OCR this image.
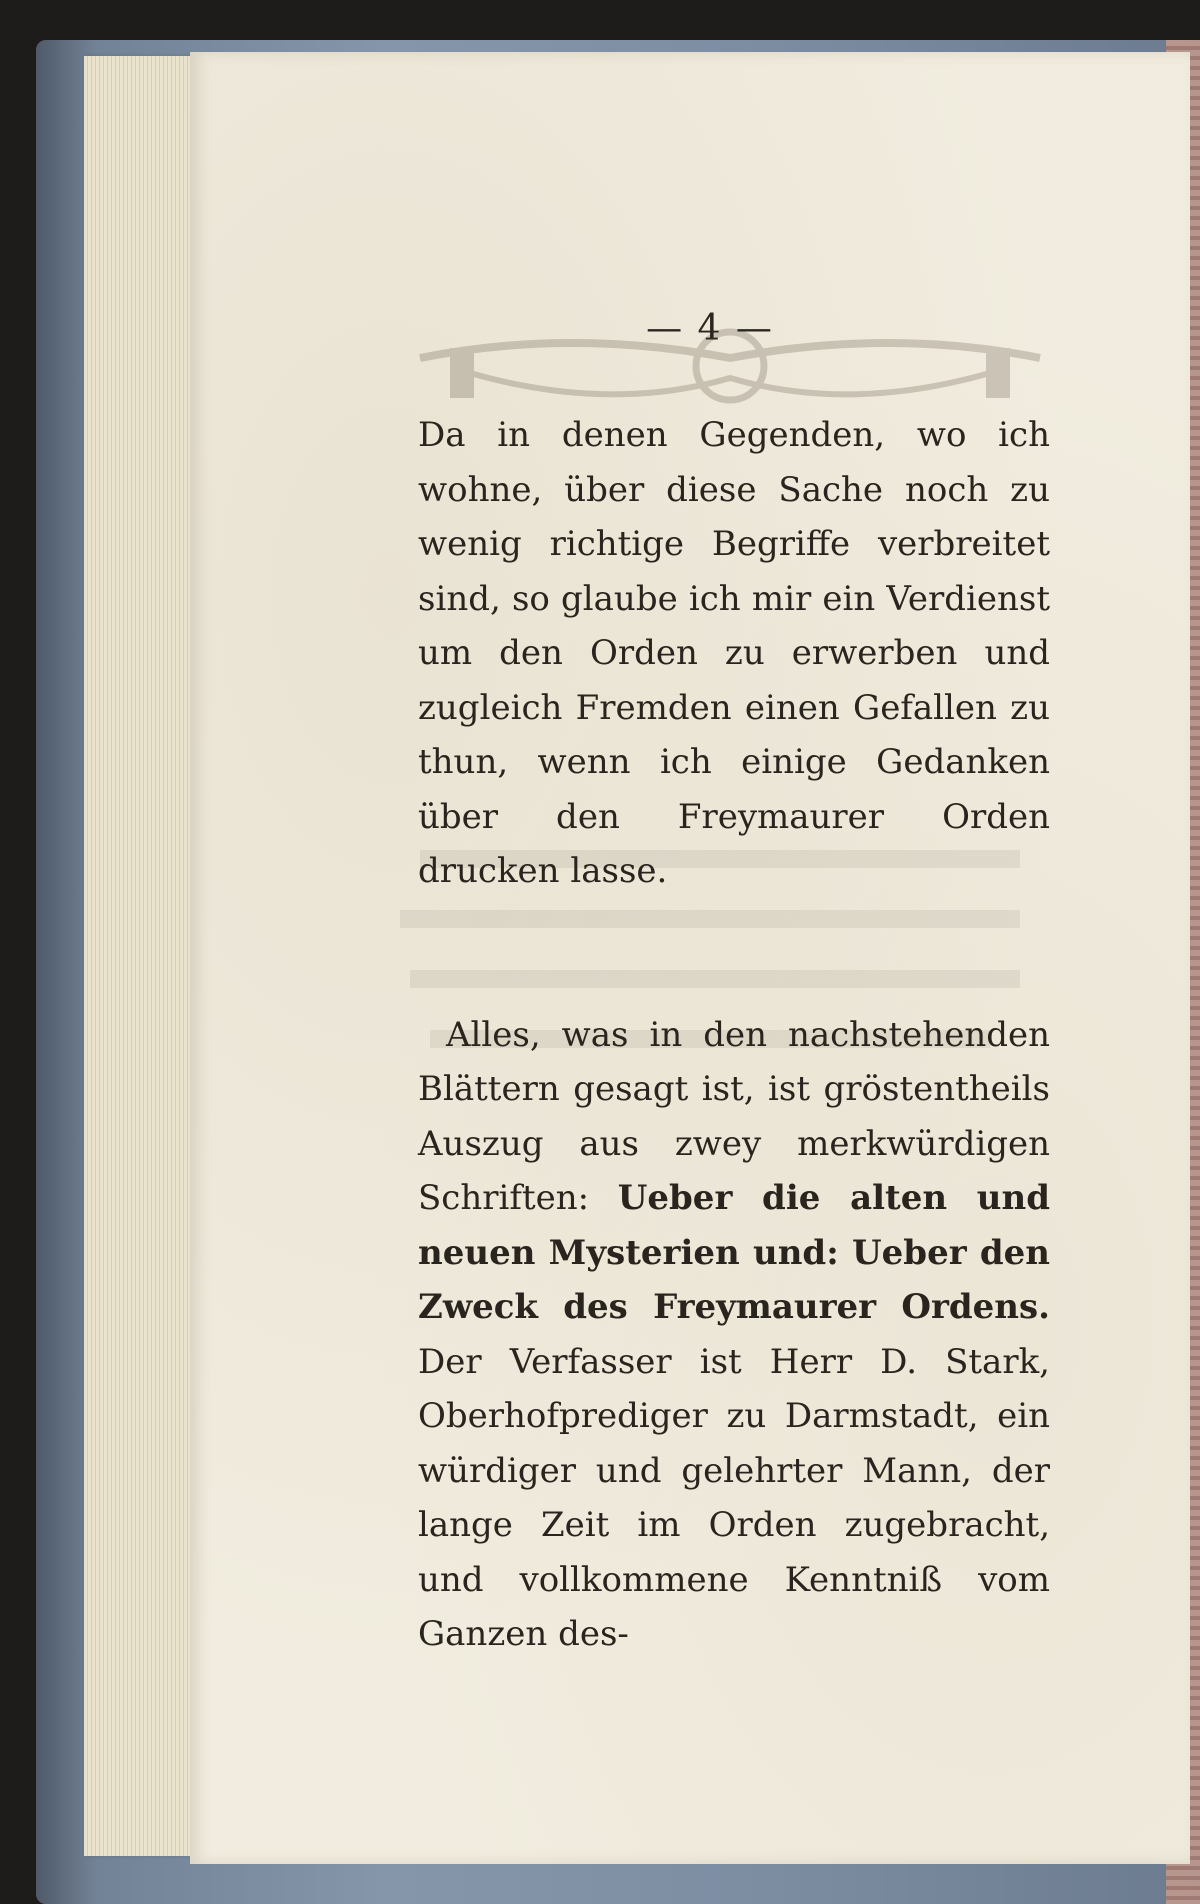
— 4 —

Da in denen Gegenden, wo ich wohne, über diese Sache noch zu wenig richtige Begriffe verbreitet sind, so glaube ich mir ein Verdienst um den Orden zu erwerben und zugleich Fremden einen Gefallen zu thun, wenn ich einige Gedanken über den Freymaurer Orden drucken lasse.

Alles, was in den nachstehenden Blättern gesagt ist, ist gröstentheils Auszug aus zwey merkwürdigen Schriften: Ueber die alten und neuen Mysterien und: Ueber den Zweck des Freymaurer Ordens. Der Verfasser ist Herr D. Stark, Oberhofprediger zu Darmstadt, ein würdiger und gelehrter Mann, der lange Zeit im Orden zugebracht, und vollkommene Kenntniß vom Ganzen des-
